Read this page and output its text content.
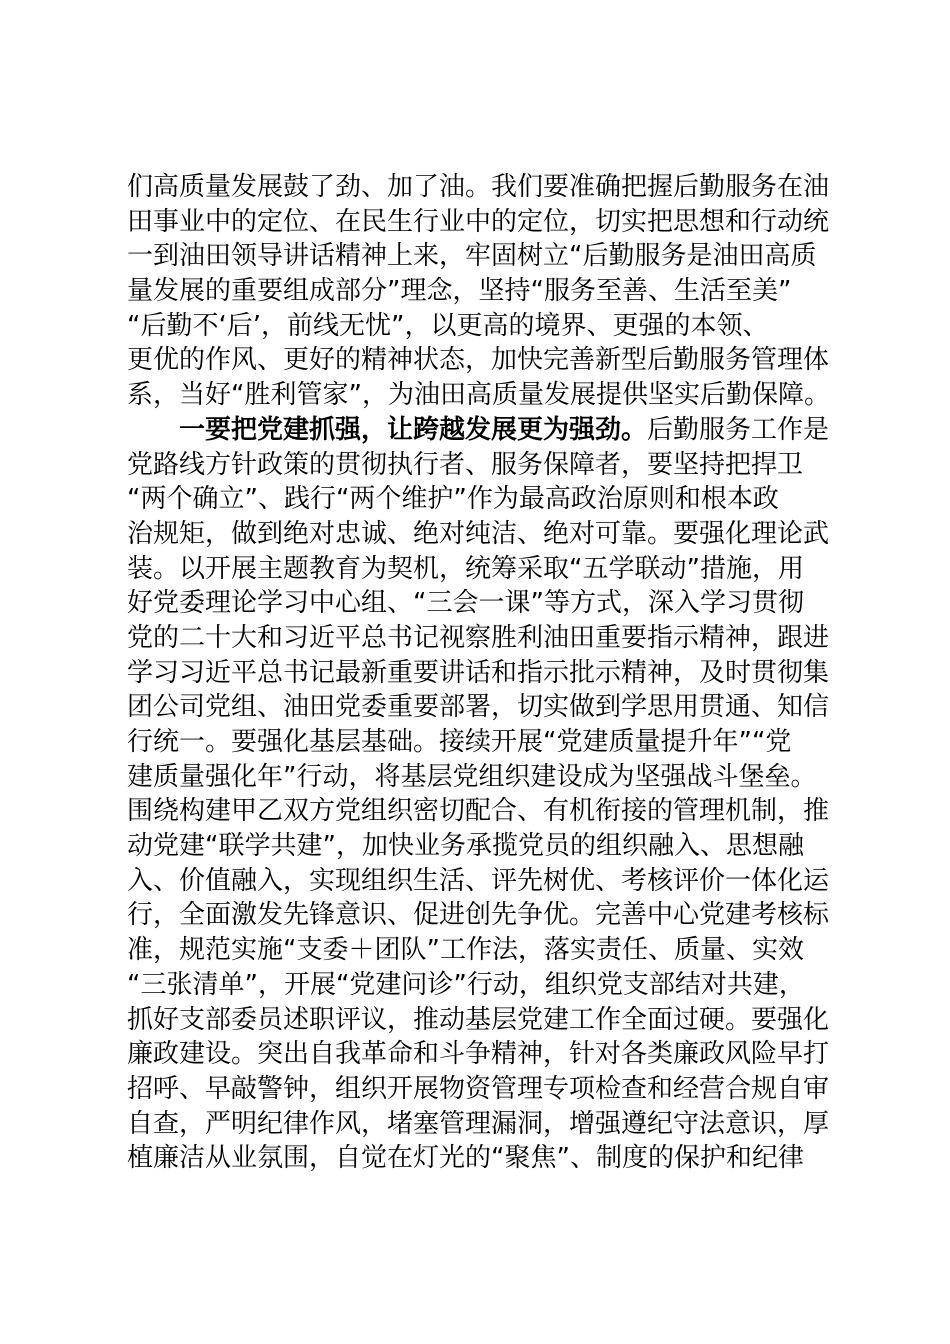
们高质量发展鼓了劲、加了油。我们要准确把握后勤服务在油
田事业中的定位、在民生行业中的定位，切实把思想和行动统
一到油田领导讲话精神上来，牢固树立“后勤服务是油田高质
量发展的重要组成部分”理念，坚持“服务至善、生活至美”
“后勤不‘后’，前线无忧”，以更高的境界、更强的本领、
更优的作风、更好的精神状态，加快完善新型后勤服务管理体
系，当好“胜利管家”，为油田高质量发展提供坚实后勤保障。
一要把党建抓强，让跨越发展更为强劲。后勤服务工作是
党路线方针政策的贯彻执行者、服务保障者，要坚持把捍卫
“两个确立”、践行“两个维护”作为最高政治原则和根本政
治规矩，做到绝对忠诚、绝对纯洁、绝对可靠。要强化理论武
装。以开展主题教育为契机，统筹采取“五学联动”措施，用
好党委理论学习中心组、“三会一课”等方式，深入学习贯彻
党的二十大和习近平总书记视察胜利油田重要指示精神，跟进
学习习近平总书记最新重要讲话和指示批示精神，及时贯彻集
团公司党组、油田党委重要部署，切实做到学思用贯通、知信
行统一。要强化基层基础。接续开展“党建质量提升年”“党
建质量强化年”行动，将基层党组织建设成为坚强战斗堡垒。
围绕构建甲乙双方党组织密切配合、有机衔接的管理机制，推
动党建“联学共建”，加快业务承揽党员的组织融入、思想融
入、价值融入，实现组织生活、评先树优、考核评价一体化运
行，全面激发先锋意识、促进创先争优。完善中心党建考核标
准，规范实施“支委＋团队”工作法，落实责任、质量、实效
“三张清单”，开展“党建问诊”行动，组织党支部结对共建，
抓好支部委员述职评议，推动基层党建工作全面过硬。要强化
廉政建设。突出自我革命和斗争精神，针对各类廉政风险早打
招呼、早敲警钟，组织开展物资管理专项检查和经营合规自审
自查，严明纪律作风，堵塞管理漏洞，增强遵纪守法意识，厚
植廉洁从业氛围，自觉在灯光的“聚焦”、制度的保护和纪律
